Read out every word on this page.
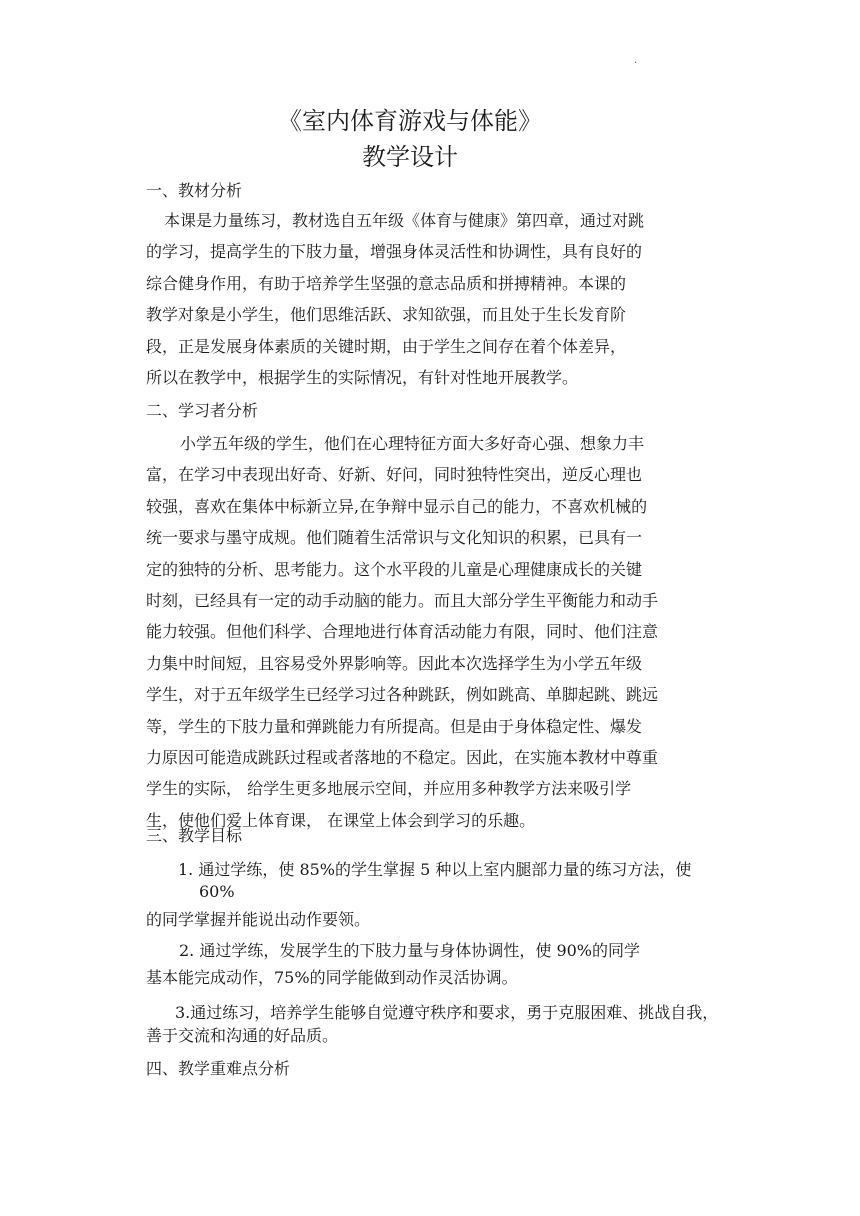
·
《室内体育游戏与体能》
教学设计
一、教材分析
本课是力量练习，教材选自五年级《体育与健康》第四章，通过对跳
的学习，提高学生的下肢力量，增强身体灵活性和协调性，具有良好的
综合健身作用，有助于培养学生坚强的意志品质和拼搏精神。本课的
教学对象是小学生，他们思维活跃、求知欲强，而且处于生长发育阶
段，正是发展身体素质的关键时期，由于学生之间存在着个体差异，
所以在教学中，根据学生的实际情况，有针对性地开展教学。
二、学习者分析
小学五年级的学生，他们在心理特征方面大多好奇心强、想象力丰
富，在学习中表现出好奇、好新、好问，同时独特性突出，逆反心理也
较强，喜欢在集体中标新立异,在争辩中显示自己的能力，不喜欢机械的
统一要求与墨守成规。他们随着生活常识与文化知识的积累，已具有一
定的独特的分析、思考能力。这个水平段的儿童是心理健康成长的关键
时刻，已经具有一定的动手动脑的能力。而且大部分学生平衡能力和动手
能力较强。但他们科学、合理地进行体育活动能力有限，同时、他们注意
力集中时间短，且容易受外界影响等。因此本次选择学生为小学五年级
学生，对于五年级学生已经学习过各种跳跃，例如跳高、单脚起跳、跳远
等，学生的下肢力量和弹跳能力有所提高。但是由于身体稳定性、爆发
力原因可能造成跳跃过程或者落地的不稳定。因此，在实施本教材中尊重
学生的实际， 给学生更多地展示空间，并应用多种教学方法来吸引学
生，使他们爱上体育课， 在课堂上体会到学习的乐趣。
三、教学目标
1. 通过学练，使 85%的学生掌握 5 种以上室内腿部力量的练习方法，使
60%
的同学掌握并能说出动作要领。
2. 通过学练，发展学生的下肢力量与身体协调性，使 90%的同学
基本能完成动作，75%的同学能做到动作灵活协调。
3.通过练习，培养学生能够自觉遵守秩序和要求，勇于克服困难、挑战自我，
善于交流和沟通的好品质。
四、教学重难点分析
